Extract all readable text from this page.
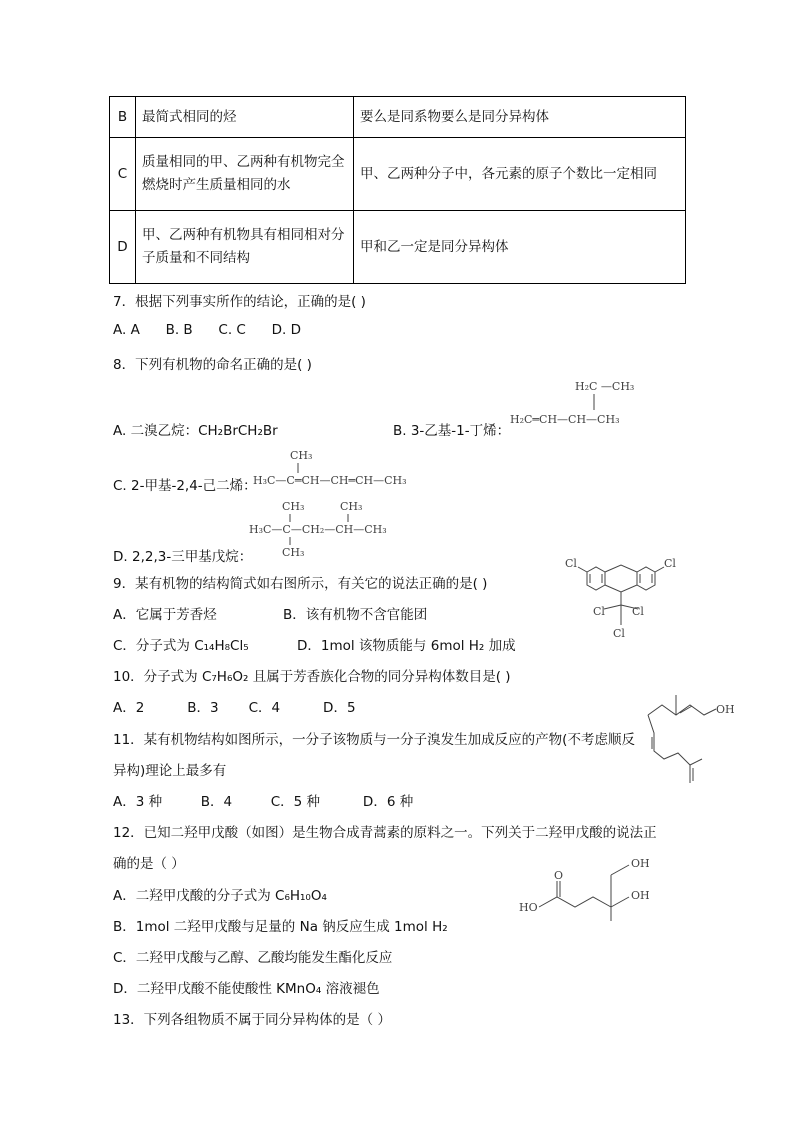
B	最简式相同的烃	要么是同系物要么是同分异构体
C	质量相同的甲、乙两种有机物完全
燃烧时产生质量相同的水	甲、乙两种分子中，各元素的原子个数比一定相同
D	甲、乙两种有机物具有相同相对分
子质量和不同结构	甲和乙一定是同分异构体
7．根据下列事实所作的结论，正确的是( )
A. A      B. B      C. C      D. D
8．下列有机物的命名正确的是( )
A. 二溴乙烷：CH₂BrCH₂Br	B. 3-乙基-1-丁烯：
H₂C —CH₃
H₂C═CH—CH—CH₃
C. 2-甲基-2,4-己二烯：
CH₃
H₃C—C═CH—CH═CH—CH₃
CH₃	CH₃
H₃C—C—CH₂—CH—CH₃
CH₃
D. 2,2,3-三甲基戊烷：
9．某有机物的结构简式如右图所示，有关它的说法正确的是( )
A．它属于芳香烃	B．该有机物不含官能团
C．分子式为 C₁₄H₈Cl₅	D．1mol 该物质能与 6mol H₂ 加成
Cl	Cl
Cl Cl
Cl
10．分子式为 C₇H₆O₂ 且属于芳香族化合物的同分异构体数目是( )
A．2          B．3       C．4          D．5	OH
11．某有机物结构如图所示，一分子该物质与一分子溴发生加成反应的产物(不考虑顺反
异构)理论上最多有
A．3 种         B．4         C．5 种          D．6 种
12．已知二羟甲戊酸（如图）是生物合成青蒿素的原料之一。下列关于二羟甲戊酸的说法正
确的是（ ）
A．二羟甲戊酸的分子式为 C₆H₁₀O₄
B．1mol 二羟甲戊酸与足量的 Na 钠反应生成 1mol H₂
C．二羟甲戊酸与乙醇、乙酸均能发生酯化反应
D．二羟甲戊酸不能使酸性 KMnO₄ 溶液褪色
HO
O
OH
OH
13．下列各组物质不属于同分异构体的是（ ）
